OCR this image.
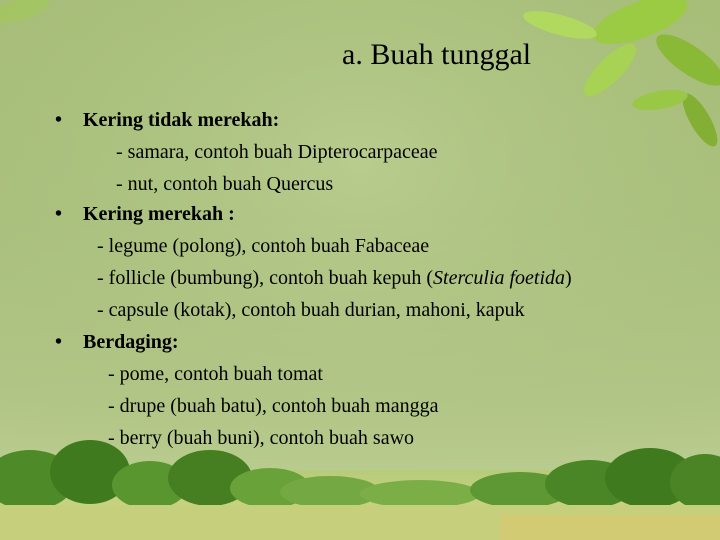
a. Buah tunggal
• Kering tidak merekah:
- samara, contoh buah Dipterocarpaceae
- nut, contoh buah Quercus
• Kering merekah :
- legume (polong), contoh buah Fabaceae
- follicle (bumbung), contoh buah kepuh (Sterculia foetida)
- capsule (kotak), contoh buah durian, mahoni, kapuk
• Berdaging:
- pome, contoh buah tomat
- drupe (buah batu), contoh buah mangga
- berry (buah buni), contoh buah sawo
